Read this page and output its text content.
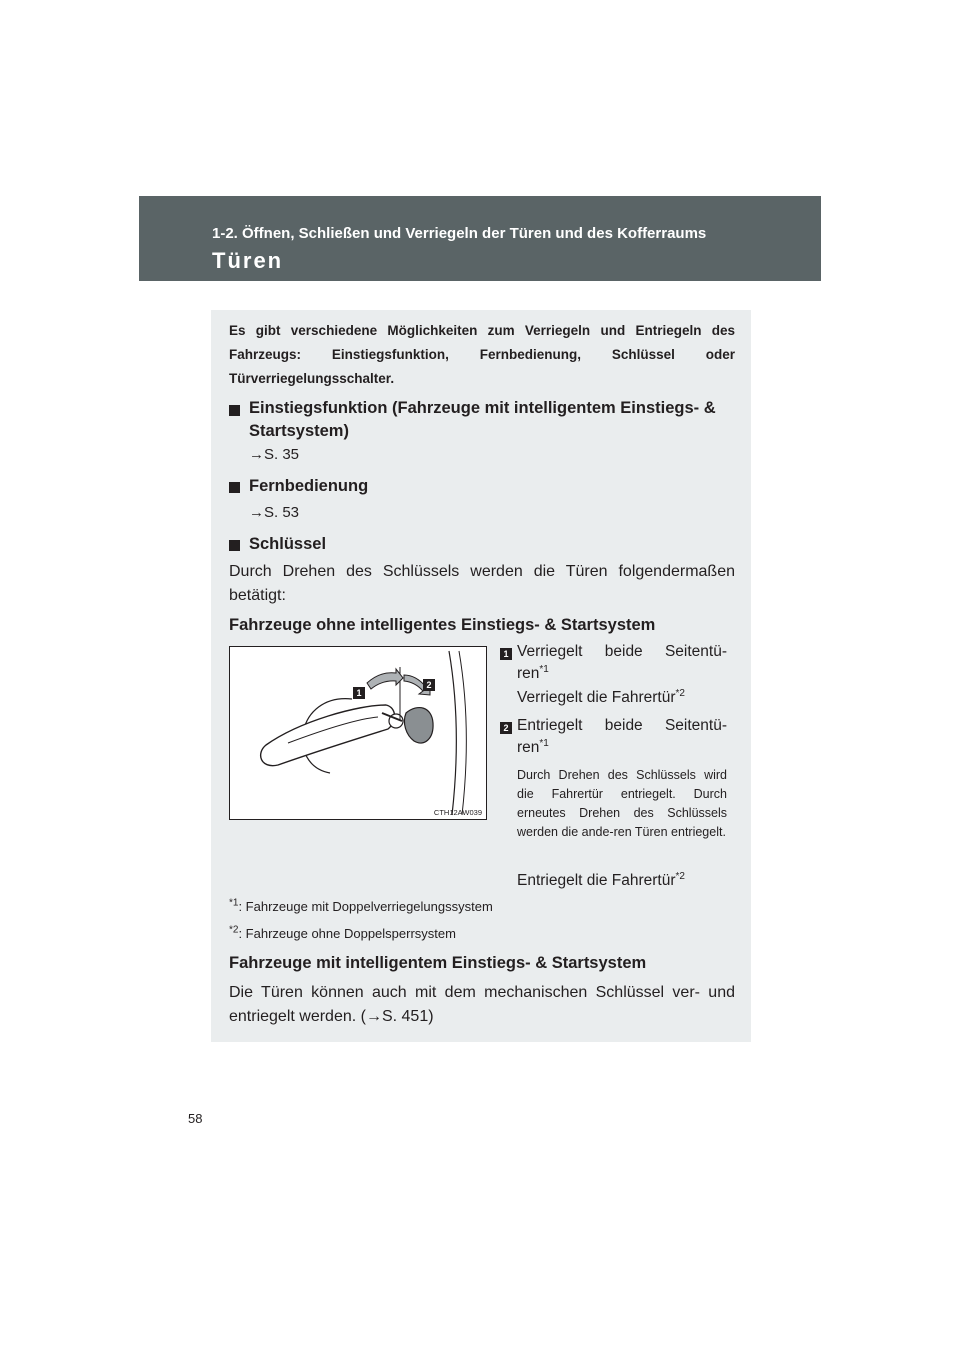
1-2. Öffnen, Schließen und Verriegeln der Türen und des Kofferraums
Türen
Es gibt verschiedene Möglichkeiten zum Verriegeln und Entriegeln des Fahrzeugs: Einstiegsfunktion, Fernbedienung, Schlüssel oder Türverriegelungsschalter.
Einstiegsfunktion (Fahrzeuge mit intelligentem Einstiegs- &
Startsystem)
→S. 35
Fernbedienung
→S. 53
Schlüssel
Durch Drehen des Schlüssels werden die Türen folgendermaßen betätigt:
Fahrzeuge ohne intelligentes Einstiegs- & Startsystem
1
2
CTH12AW039
1 Verriegelt beide Seitentü-
ren$^{*1}$
Verriegelt die Fahrertür$^{*2}$
2 Entriegelt beide Seitentü-
ren$^{*1}$
Durch Drehen des Schlüssels wird die Fahrertür entriegelt. Durch erneutes Drehen des Schlüssels werden die ande-ren Türen entriegelt.
Entriegelt die Fahrertür$^{*2}$
$^{*1}$: Fahrzeuge mit Doppelverriegelungssystem
$^{*2}$: Fahrzeuge ohne Doppelsperrsystem
Fahrzeuge mit intelligentem Einstiegs- & Startsystem
Die Türen können auch mit dem mechanischen Schlüssel ver- und entriegelt werden. (→S. 451)
58
